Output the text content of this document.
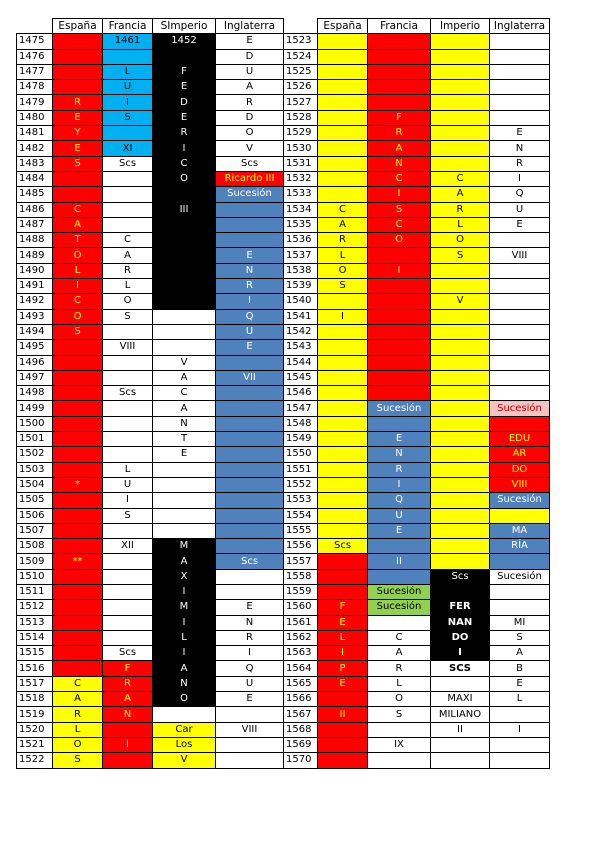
	España	Francia	SImperio	Inglaterra		España	Francia	Imperio	Inglaterra
1475		1461	1452	E	1523				
1476				D	1524				
1477		L	F	U	1525				
1478		U	E	A	1526				
1479	R	I	D	R	1527				
1480	E	S	E	D	1528		F		
1481	Y		R	O	1529		R		E
1482	E	XI	I	V	1530		A		N
1483	S	Scs	C	Scs	1531		N		R
1484			O	Ricardo III	1532		C	C	I
1485				Sucesión	1533		I	A	Q
1486	C		III		1534	C	S	R	U
1487	A				1535	A	C	L	E
1488	T	C			1536	R	O	O	
1489	Ó	A		E	1537	L		S	VIII
1490	L	R		N	1538	O	I		
1491	I	L		R	1539	S			
1492	C	O		I	1540			V	
1493	O	S		Q	1541	I			
1494	S			U	1542				
1495		VIII		E	1543				
1496			V		1544				
1497			A	VII	1545				
1498		Scs	C		1546				
1499			A		1547		Sucesión		Sucesión
1500			N		1548				
1501			T		1549		E		EDU
1502			E		1550		N		AR
1503		L			1551		R		DO
1504	*	U			1552		I		VIII
1505		I			1553		Q		Sucesión
1506		S			1554		U		
1507					1555		E		MA
1508		XII	M		1556	Scs			RÍA
1509	**		A	Scs	1557		II		
1510			X		1558			Scs	Sucesión
1511			I		1559		Sucesión		
1512			M	E	1560	F	Sucesión	FER	
1513			I	N	1561	E		NAN	MI
1514			L	R	1562	L	C	DO	S
1515		Scs	I	I	1563	I	A	I	A
1516		F	A	Q	1564	P	R	SCS	B
1517	C	R	N	U	1565	E	L		E
1518	A	A	O	E	1566		O	MAXI	L
1519	R	N			1567	II	S	MILIANO	
1520	L		Car	VIII	1568			II	I
1521	O	I	Los		1569		IX		
1522	S		V		1570				
